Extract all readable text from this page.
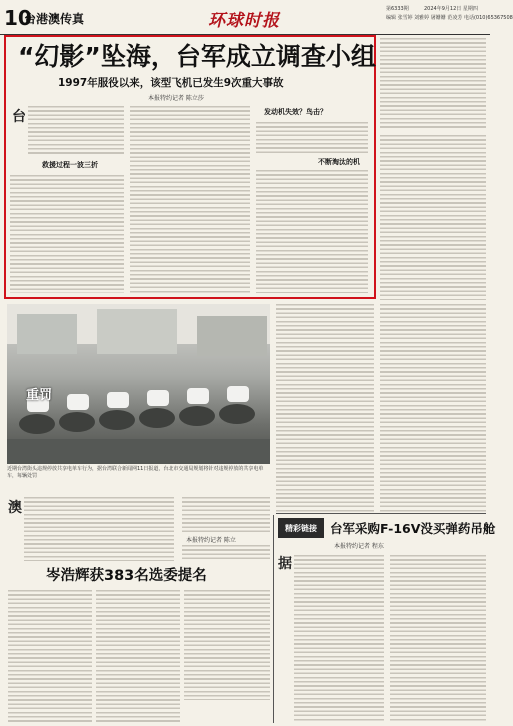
10
台港澳传真	环球时报
第6333期	2024年9月12日 星期四
编辑 张雪婷 刘雅婷 屠姗姗 范凌芳 电话(010)65367508
“幻影”坠海，台军成立调查小组
1997年服役以来，该型飞机已发生9次重大事故
本报特约记者 陈立莎
台
救援过程一波三折
发动机失效？鸟击？
不断淘汰的机
重罚
近期台湾街头违规停放共享电单车行为，据台湾联合新闻网11日报道，台北市交通局规划将针对违规停放的共享电单车，每辆处罚
澳
本报特约记者 陈立
岑浩辉获383名选委提名
精彩链接	台军采购F-16V没买弹药吊舱
本报特约记者 程东
据
